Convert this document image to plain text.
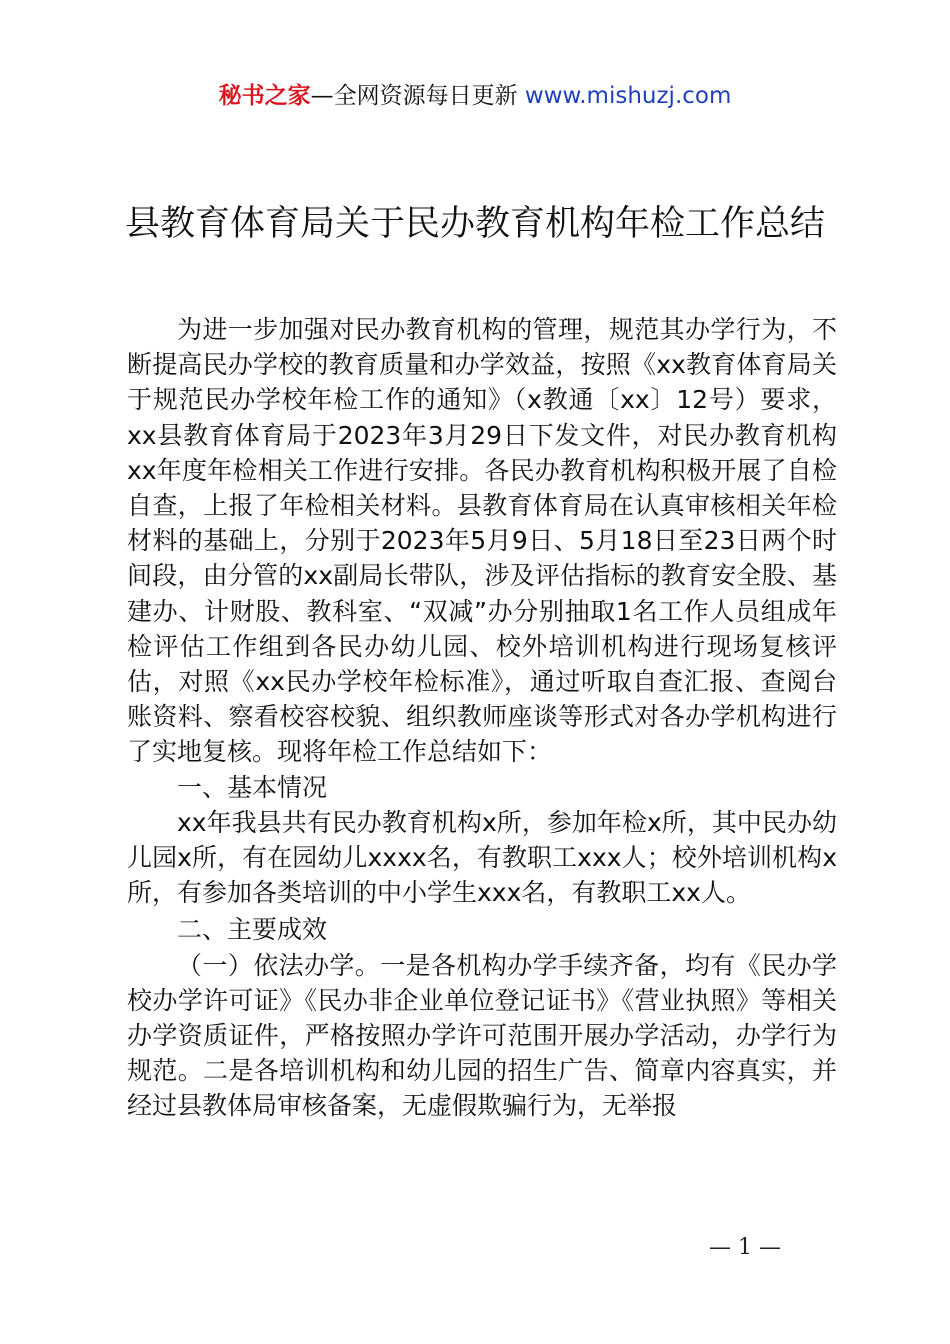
秘书之家—全网资源每日更新 www.mishuzj.com
县教育体育局关于民办教育机构年检工作总结

为进一步加强对民办教育机构的管理，规范其办学行为，不断提高民办学校的教育质量和办学效益，按照《xx教育体育局关于规范民办学校年检工作的通知》（x教通〔xx〕12号）要求，xx县教育体育局于2023年3月29日下发文件，对民办教育机构xx年度年检相关工作进行安排。各民办教育机构积极开展了自检自查，上报了年检相关材料。县教育体育局在认真审核相关年检材料的基础上，分别于2023年5月9日、5月18日至23日两个时间段，由分管的xx副局长带队，涉及评估指标的教育安全股、基建办、计财股、教科室、“双减”办分别抽取1名工作人员组成年检评估工作组到各民办幼儿园、校外培训机构进行现场复核评估，对照《xx民办学校年检标准》，通过听取自查汇报、查阅台账资料、察看校容校貌、组织教师座谈等形式对各办学机构进行了实地复核。现将年检工作总结如下：

一、基本情况

xx年我县共有民办教育机构x所，参加年检x所，其中民办幼儿园x所，有在园幼儿xxxx名，有教职工xxx人；校外培训机构x所，有参加各类培训的中小学生xxx名，有教职工xx人。

二、主要成效

（一）依法办学。一是各机构办学手续齐备，均有《民办学校办学许可证》《民办非企业单位登记证书》《营业执照》等相关办学资质证件，严格按照办学许可范围开展办学活动，办学行为规范。二是各培训机构和幼儿园的招生广告、简章内容真实，并经过县教体局审核备案，无虚假欺骗行为，无举报

— 1 —
